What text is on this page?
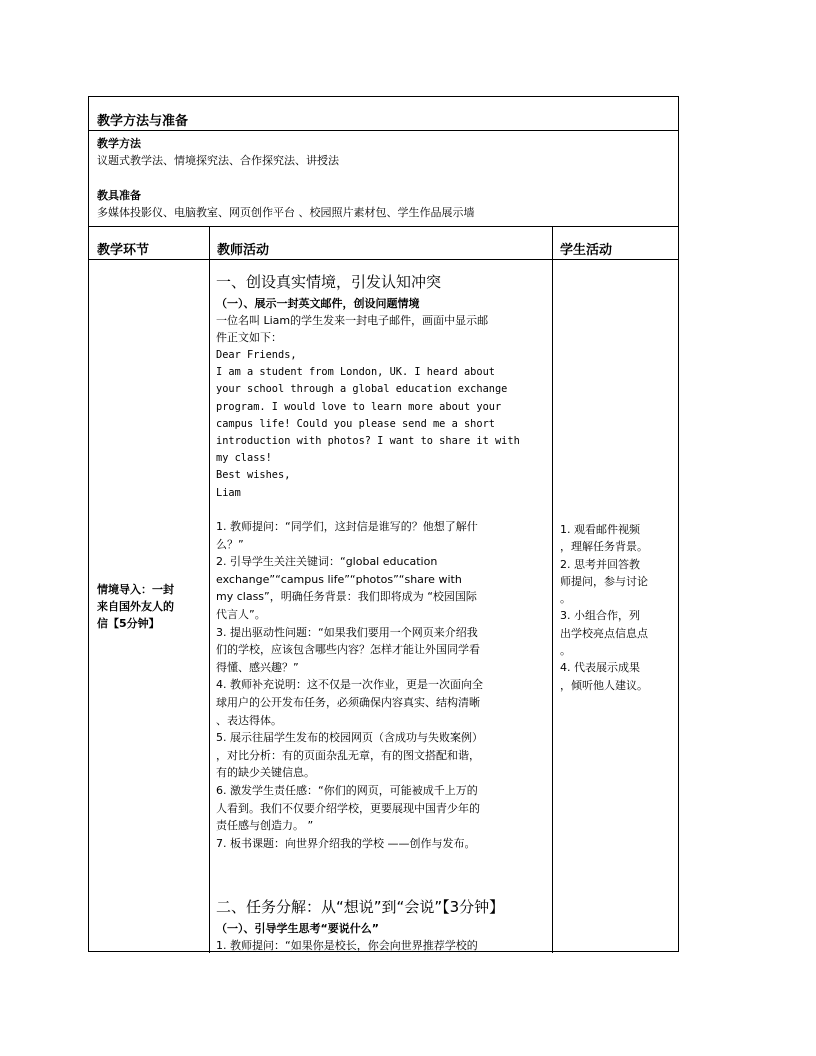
教学方法与准备
教学方法
议题式教学法、情境探究法、合作探究法、讲授法
教具准备
多媒体投影仪、电脑教室、网页创作平台 、校园照片素材包、学生作品展示墙
教学环节	教师活动	学生活动
情境导入：一封
来自国外友人的
信【5分钟】
一、创设真实情境，引发认知冲突
（一）、展示一封英文邮件，创设问题情境
一位名叫 Liam的学生发来一封电子邮件，画面中显示邮
件正文如下：
Dear Friends,
I am a student from London, UK. I heard about
your school through a global education exchange
program. I would love to learn more about your
campus life! Could you please send me a short
introduction with photos? I want to share it with
my class!
Best wishes,
Liam
1. 教师提问：“同学们，这封信是谁写的？他想了解什
么？”
2. 引导学生关注关键词：“global education
exchange”“campus life”“photos”“share with
my class”，明确任务背景：我们即将成为 “校园国际
代言人”。
3. 提出驱动性问题：“如果我们要用一个网页来介绍我
们的学校，应该包含哪些内容？怎样才能让外国同学看
得懂、感兴趣？”
4. 教师补充说明：这不仅是一次作业，更是一次面向全
球用户的公开发布任务，必须确保内容真实、结构清晰
、表达得体。
5. 展示往届学生发布的校园网页（含成功与失败案例）
，对比分析：有的页面杂乱无章，有的图文搭配和谐，
有的缺少关键信息。
6. 激发学生责任感：“你们的网页，可能被成千上万的
人看到。我们不仅要介绍学校，更要展现中国青少年的
责任感与创造力。 ”
7. 板书课题：向世界介绍我的学校 ——创作与发布。
二、任务分解：从“想说”到“会说”【3分钟】
（一）、引导学生思考“要说什么”
1. 教师提问：“如果你是校长，你会向世界推荐学校的
1. 观看邮件视频
，理解任务背景。
2. 思考并回答教
师提问，参与讨论
。
3. 小组合作，列
出学校亮点信息点
。
4. 代表展示成果
，倾听他人建议。
